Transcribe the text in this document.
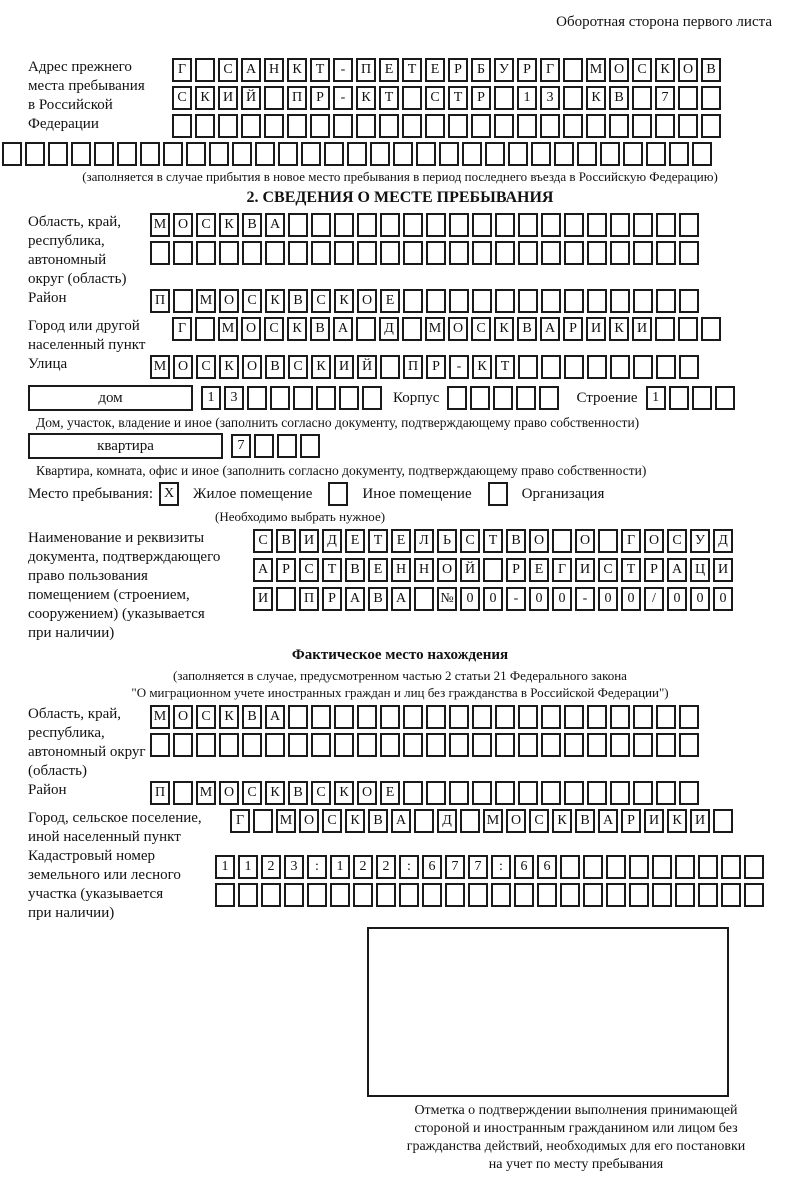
Оборотная сторона первого листа
Адрес прежнего
места пребывания
в Российской
Федерации
Г	С А Н К	Т	-	П Е	Т	Е	Р	Б	У	Р	Г	М О С К О В
С К И Й	П	Р	-	К	Т	С	Т	Р	1	3	К В	7
(заполняется в случае прибытия в новое место пребывания в период последнего въезда в Российскую Федерацию)
2. СВЕДЕНИЯ О МЕСТЕ ПРЕБЫВАНИЯ
Область, край,
республика,
автономный
округ (область)
М О С К В А
Район	П	М О С К В С К О Е
Город или другой
населенный пункт
Г	М О С К В А	Д	М О С К В А	Р	И К И
Улица	М О С К О В С К И Й	П	Р	-	К	Т
дом	1	3	Корпус	Строение	1
Дом, участок, владение и иное (заполнить согласно документу, подтверждающему право собственности)
квартира	7
Квартира, комната, офис и иное (заполнить согласно документу, подтверждающему право собственности)
Место пребывания: X	Жилое помещение	Иное помещение	Организация
(Необходимо выбрать нужное)
Наименование и реквизиты
документа, подтверждающего
право пользования
помещением (строением,
сооружением) (указывается
при наличии)
С В И Д Е	Т	Е Л	Ь	С	Т	В О	О	Г О С У Д
А	Р	С	Т	В	Е Н Н О Й	Р	Е	Г И С	Т	Р	А Ц И
И	П	Р	А В А	№ 0	0	-	0	0	-	0	0	/	0	0	0
Фактическое место нахождения
(заполняется в случае, предусмотренном частью 2 статьи 21 Федерального закона
"О миграционном учете иностранных граждан и лиц без гражданства в Российской Федерации")
Область, край,
республика,
автономный округ
(область)
М О С К В А
Район	П	М О С К В С К О Е
Город, сельское поселение,
иной населенный пункт
Г	М О С К В А	Д	М О С К В А	Р	И К И
Кадастровый номер
земельного или лесного
участка (указывается
при наличии)
1	1	2	3	:	1	2	2	:	6	7	7	:	6	6
Отметка о подтверждении выполнения принимающей
стороной и иностранным гражданином или лицом без
гражданства действий, необходимых для его постановки
на учет по месту пребывания
